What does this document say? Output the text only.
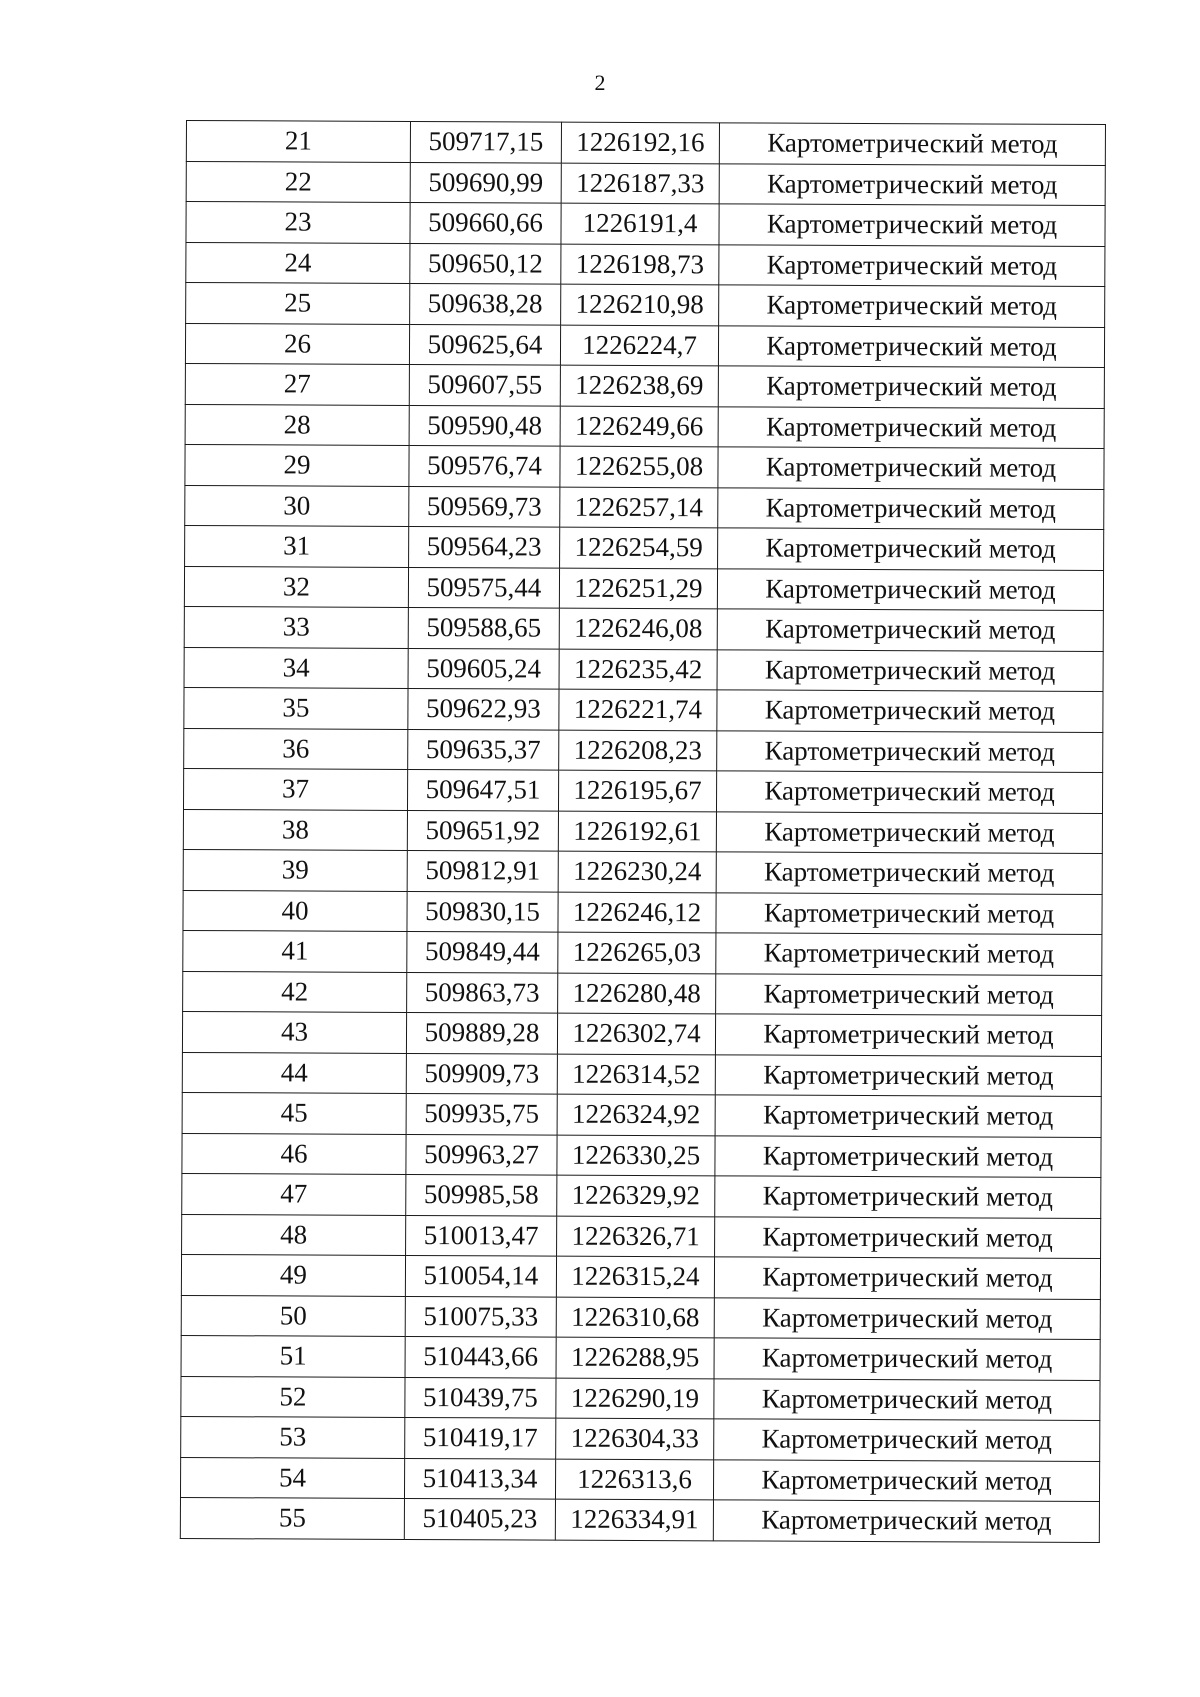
2
21	509717,15	1226192,16	Картометрический метод
22	509690,99	1226187,33	Картометрический метод
23	509660,66	1226191,4	Картометрический метод
24	509650,12	1226198,73	Картометрический метод
25	509638,28	1226210,98	Картометрический метод
26	509625,64	1226224,7	Картометрический метод
27	509607,55	1226238,69	Картометрический метод
28	509590,48	1226249,66	Картометрический метод
29	509576,74	1226255,08	Картометрический метод
30	509569,73	1226257,14	Картометрический метод
31	509564,23	1226254,59	Картометрический метод
32	509575,44	1226251,29	Картометрический метод
33	509588,65	1226246,08	Картометрический метод
34	509605,24	1226235,42	Картометрический метод
35	509622,93	1226221,74	Картометрический метод
36	509635,37	1226208,23	Картометрический метод
37	509647,51	1226195,67	Картометрический метод
38	509651,92	1226192,61	Картометрический метод
39	509812,91	1226230,24	Картометрический метод
40	509830,15	1226246,12	Картометрический метод
41	509849,44	1226265,03	Картометрический метод
42	509863,73	1226280,48	Картометрический метод
43	509889,28	1226302,74	Картометрический метод
44	509909,73	1226314,52	Картометрический метод
45	509935,75	1226324,92	Картометрический метод
46	509963,27	1226330,25	Картометрический метод
47	509985,58	1226329,92	Картометрический метод
48	510013,47	1226326,71	Картометрический метод
49	510054,14	1226315,24	Картометрический метод
50	510075,33	1226310,68	Картометрический метод
51	510443,66	1226288,95	Картометрический метод
52	510439,75	1226290,19	Картометрический метод
53	510419,17	1226304,33	Картометрический метод
54	510413,34	1226313,6	Картометрический метод
55	510405,23	1226334,91	Картометрический метод
